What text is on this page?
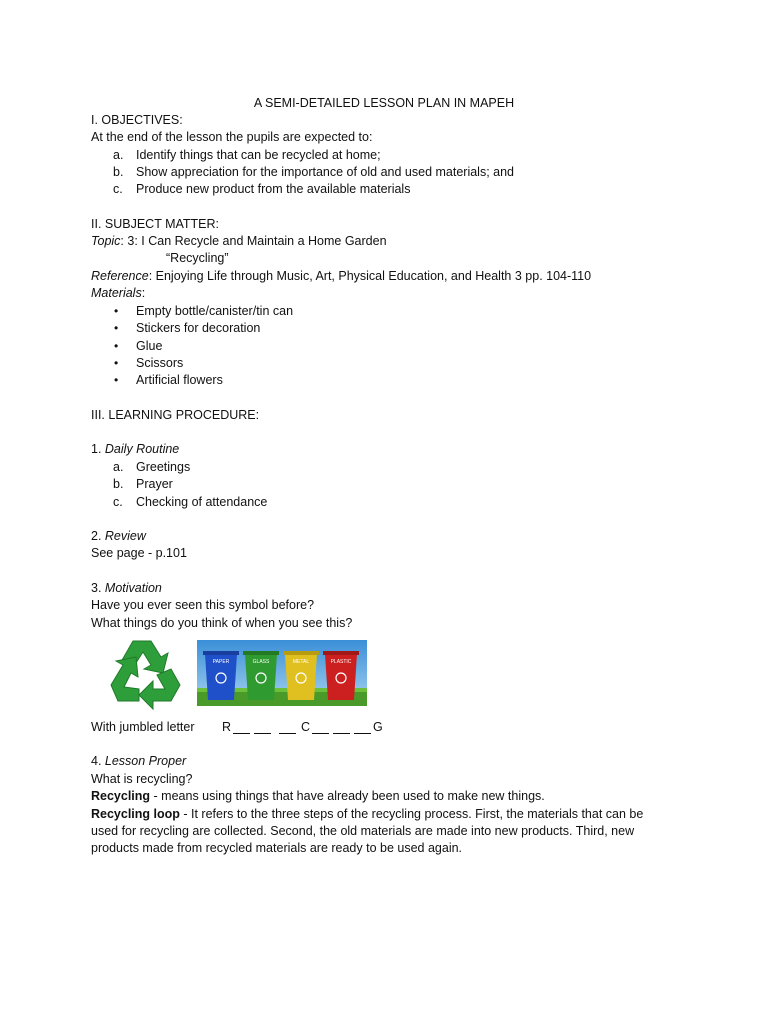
A SEMI-DETAILED LESSON PLAN IN MAPEH
I. OBJECTIVES:
At the end of the lesson the pupils are expected to:
a. Identify things that can be recycled at home;
b. Show appreciation for the importance of old and used materials; and
c. Produce new product from the available materials
II. SUBJECT MATTER:
Topic: 3: I Can Recycle and Maintain a Home Garden
“Recycling”
Reference: Enjoying Life through Music, Art, Physical Education, and Health 3 pp. 104-110
Materials:
• Empty bottle/canister/tin can
• Stickers for decoration
• Glue
• Scissors
• Artificial flowers
III. LEARNING PROCEDURE:
1. Daily Routine
a. Greetings
b. Prayer
c. Checking of attendance
2. Review
See page - p.101
3. Motivation
Have you ever seen this symbol before?
What things do you think of when you see this?
PAPER	GLASS	METAL	PLASTIC
With jumbled letter R	C	G
4. Lesson Proper
What is recycling?
Recycling - means using things that have already been used to make new things.
Recycling loop - It refers to the three steps of the recycling process. First, the materials that can be
used for recycling are collected. Second, the old materials are made into new products. Third, new
products made from recycled materials are ready to be used again.
